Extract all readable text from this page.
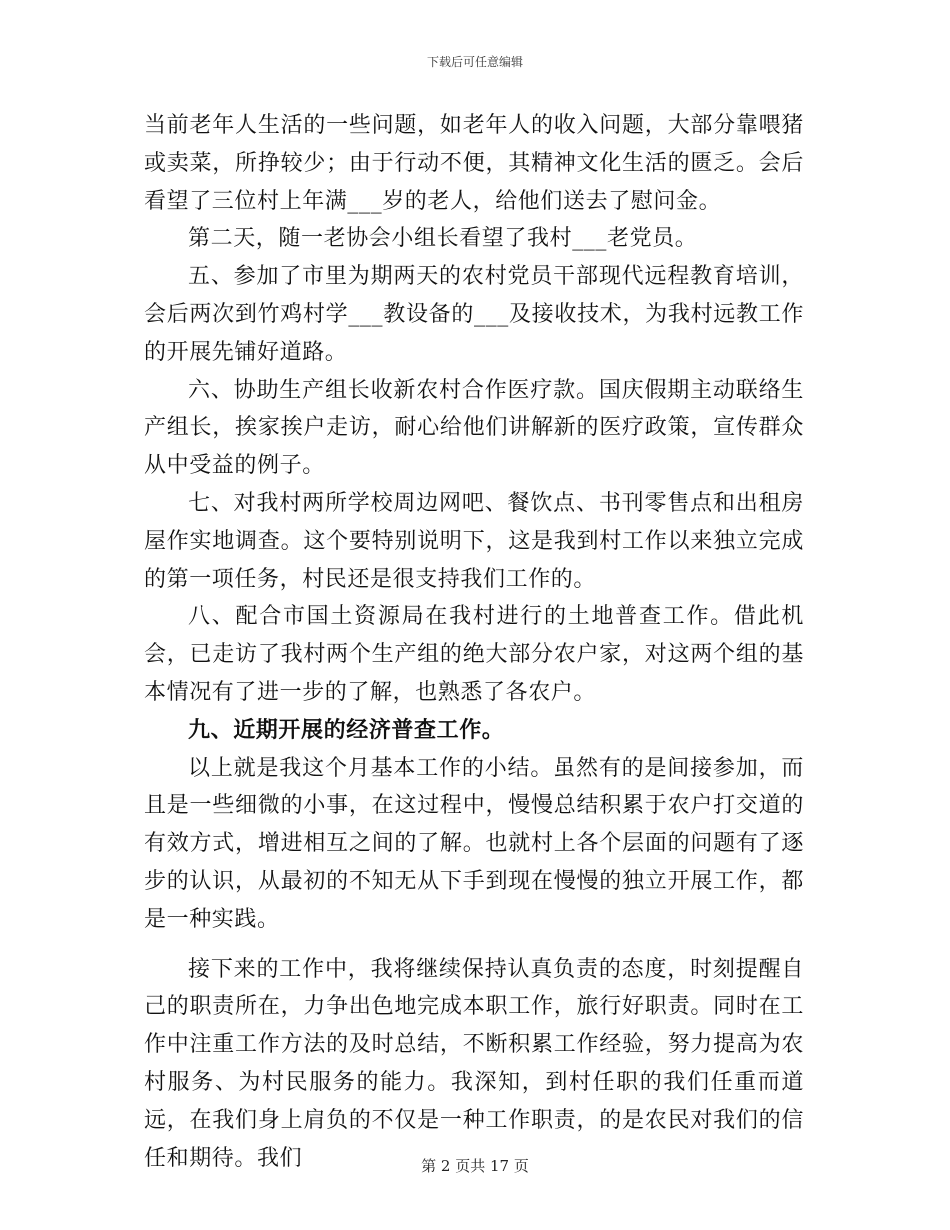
下载后可任意编辑

当前老年人生活的一些问题，如老年人的收入问题，大部分靠喂猪或卖菜，所挣较少；由于行动不便，其精神文化生活的匮乏。会后看望了三位村上年满___岁的老人，给他们送去了慰问金。

第二天，随一老协会小组长看望了我村___老党员。

五、参加了市里为期两天的农村党员干部现代远程教育培训，会后两次到竹鸡村学___教设备的___及接收技术，为我村远教工作的开展先铺好道路。

六、协助生产组长收新农村合作医疗款。国庆假期主动联络生产组长，挨家挨户走访，耐心给他们讲解新的医疗政策，宣传群众从中受益的例子。

七、对我村两所学校周边网吧、餐饮点、书刊零售点和出租房屋作实地调查。这个要特别说明下，这是我到村工作以来独立完成的第一项任务，村民还是很支持我们工作的。

八、配合市国土资源局在我村进行的土地普查工作。借此机会，已走访了我村两个生产组的绝大部分农户家，对这两个组的基本情况有了进一步的了解，也熟悉了各农户。

九、近期开展的经济普查工作。

以上就是我这个月基本工作的小结。虽然有的是间接参加，而且是一些细微的小事，在这过程中，慢慢总结积累于农户打交道的有效方式，增进相互之间的了解。也就村上各个层面的问题有了逐步的认识，从最初的不知无从下手到现在慢慢的独立开展工作，都是一种实践。

接下来的工作中，我将继续保持认真负责的态度，时刻提醒自己的职责所在，力争出色地完成本职工作，旅行好职责。同时在工作中注重工作方法的及时总结，不断积累工作经验，努力提高为农村服务、为村民服务的能力。我深知，到村任职的我们任重而道远，在我们身上肩负的不仅是一种工作职责，的是农民对我们的信任和期待。我们	第 2 页共 17 页
